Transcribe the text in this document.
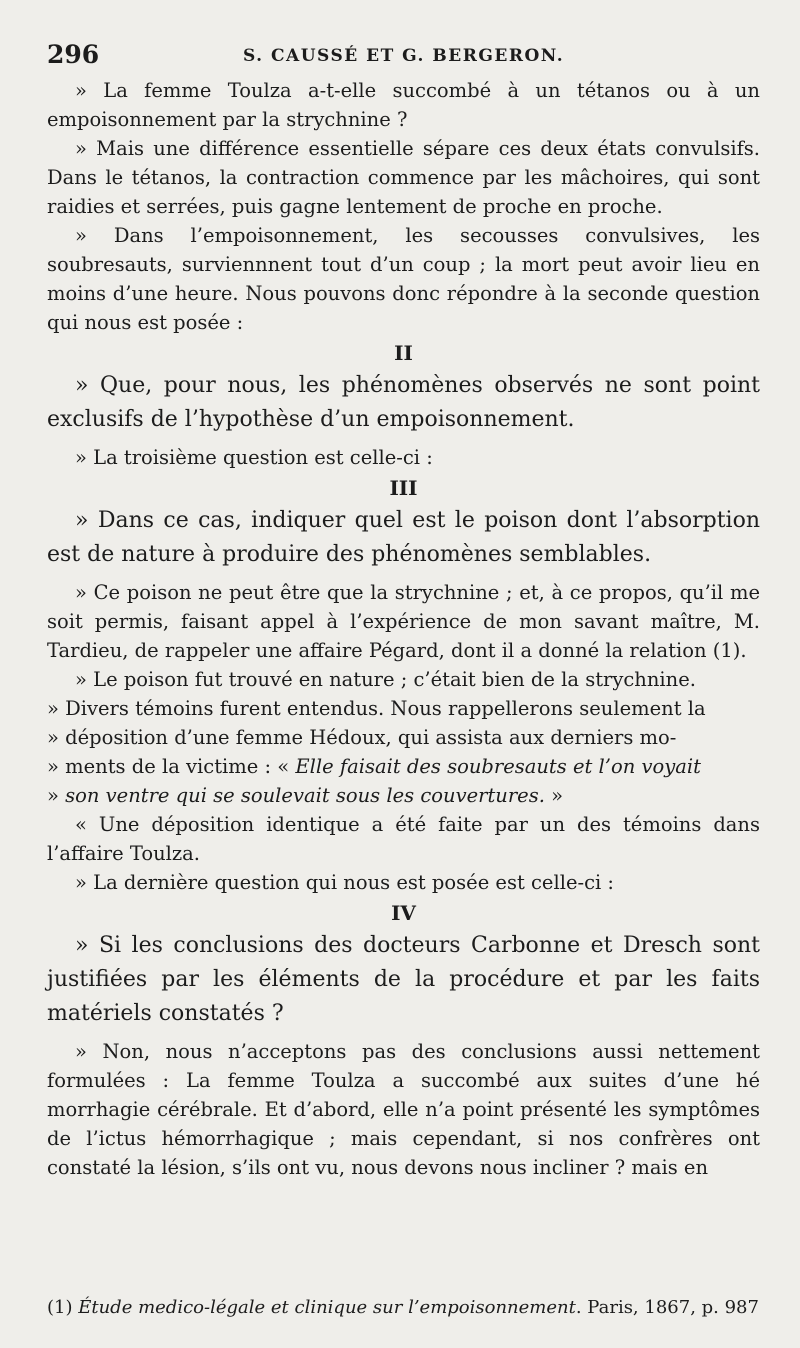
296	S. CAUSSÉ ET G. BERGERON.

» La femme Toulza a-t-elle succombé à un tétanos ou à un empoisonnement par la strychnine ?

» Mais une différence essentielle sépare ces deux états convulsifs. Dans le tétanos, la contraction commence par les mâchoires, qui sont raidies et serrées, puis gagne lentement de proche en proche.

» Dans l’empoisonnement, les secousses convulsives, les soubresauts, surviennnent tout d’un coup ; la mort peut avoir lieu en moins d’une heure. Nous pouvons donc répondre à la seconde question qui nous est posée :

II

» Que, pour nous, les phénomènes observés ne sont point exclusifs de l’hypothèse d’un empoisonnement.

» La troisième question est celle-ci :

III

» Dans ce cas, indiquer quel est le poison dont l’absorption est de nature à produire des phénomènes semblables.

» Ce poison ne peut être que la strychnine ; et, à ce propos, qu’il me soit permis, faisant appel à l’expérience de mon savant maître, M. Tardieu, de rappeler une affaire Pégard, dont il a donné la relation (1).

» Le poison fut trouvé en nature ; c’était bien de la strychnine.

» Divers témoins furent entendus. Nous rappellerons seulement la

» déposition d’une femme Hédoux, qui assista aux derniers mo-

» ments de la victime : « Elle faisait des soubresauts et l’on voyait

» son ventre qui se soulevait sous les couvertures. »

« Une déposition identique a été faite par un des témoins dans l’affaire Toulza.

» La dernière question qui nous est posée est celle-ci :

IV

» Si les conclusions des docteurs Carbonne et Dresch sont justifiées par les éléments de la procédure et par les faits matériels constatés ?

» Non, nous n’acceptons pas des conclusions aussi nettement formulées : La femme Toulza a succombé aux suites d’une hé morrhagie cérébrale. Et d’abord, elle n’a point présenté les symptômes de l’ictus hémorrhagique ; mais cependant, si nos confrères ont constaté la lésion, s’ils ont vu, nous devons nous incliner ? mais en

(1) Étude medico-légale et clinique sur l’empoisonnement. Paris, 1867, p. 987
